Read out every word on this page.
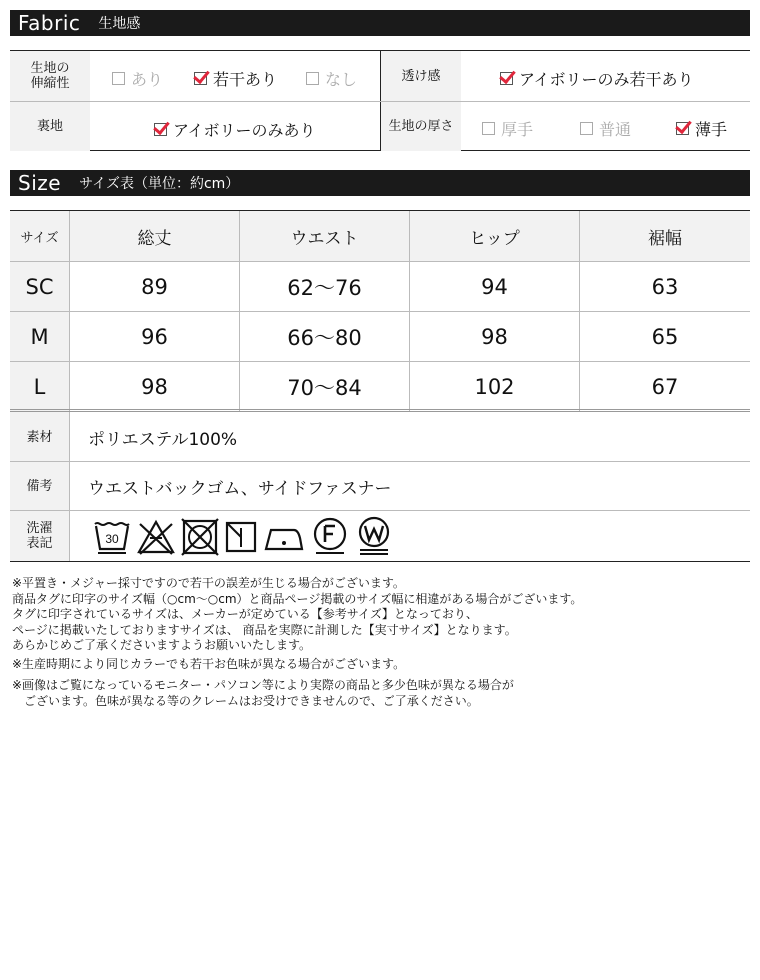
Fabric 生地感
生地の
伸縮性	あり	若干あり	なし	透け感	アイボリーのみ若干あり
裏地	アイボリーのみあり	生地の厚さ	厚手	普通	薄手
Size サイズ表（単位：約cm）
サイズ	総丈	ウエスト	ヒップ	裾幅
SC	89	62〜76	94	63
M	96	66〜80	98	65
L	98	70〜84	102	67
素材	ポリエステル100%
備考	ウエストバックゴム、サイドファスナー
洗濯
表記	30

※平置き・メジャー採寸ですので若干の誤差が生じる場合がございます。

商品タグに印字のサイズ幅（○cm〜○cm）と商品ページ掲載のサイズ幅に相違がある場合がございます。

タグに印字されているサイズは、メーカーが定めている【参考サイズ】となっており、

ページに掲載いたしておりますサイズは、 商品を実際に計測した【実寸サイズ】となります。

あらかじめご了承くださいますようお願いいたします。

※生産時期により同じカラーでも若干お色味が異なる場合がございます。

※画像はご覧になっているモニター・パソコン等により実際の商品と多少色味が異なる場合が

　ございます。色味が異なる等のクレームはお受けできませんので、ご了承ください。
